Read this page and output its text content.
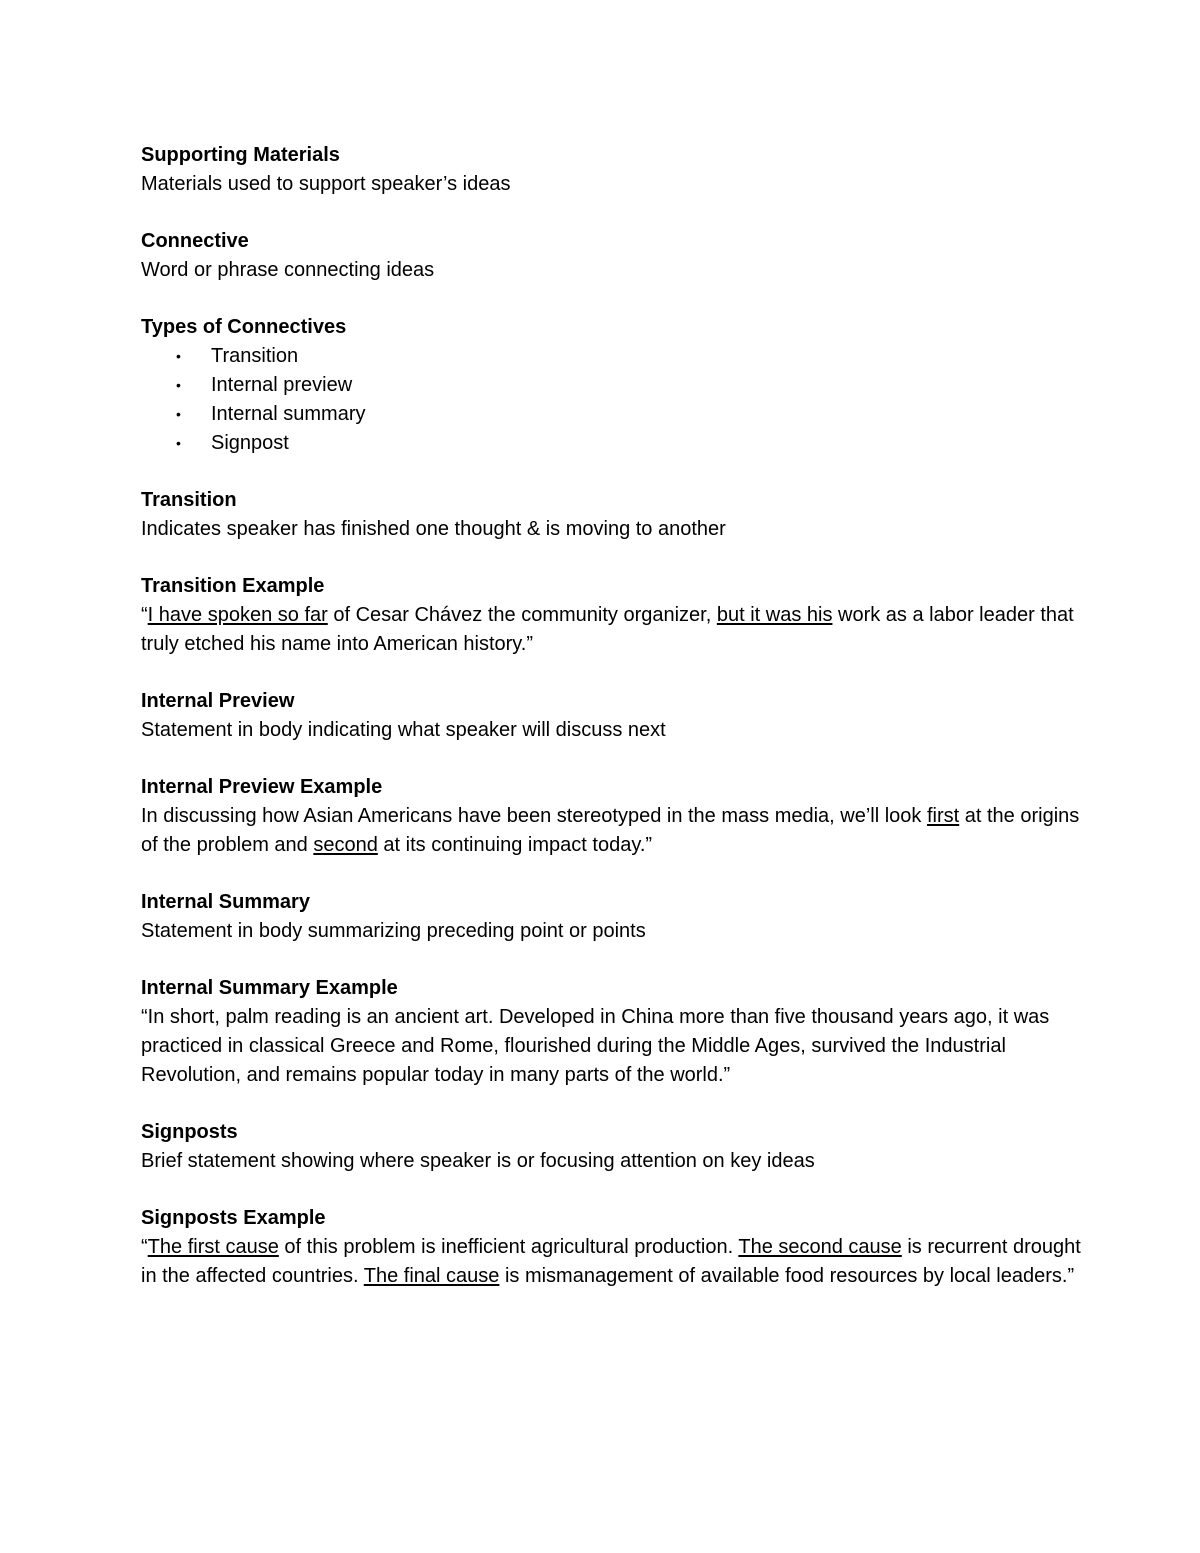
Supporting Materials

Materials used to support speaker’s ideas

Connective

Word or phrase connecting ideas

Types of Connectives

• Transition
• Internal preview
• Internal summary
• Signpost

Transition

Indicates speaker has finished one thought & is moving to another

Transition Example

“I have spoken so far of Cesar Chávez the community organizer, but it was his work as a labor leader that truly etched his name into American history.”

Internal Preview

Statement in body indicating what speaker will discuss next

Internal Preview Example

In discussing how Asian Americans have been stereotyped in the mass media, we’ll look first at the origins of the problem and second at its continuing impact today.”

Internal Summary

Statement in body summarizing preceding point or points

Internal Summary Example

“In short, palm reading is an ancient art. Developed in China more than five thousand years ago, it was practiced in classical Greece and Rome, flourished during the Middle Ages, survived the Industrial Revolution, and remains popular today in many parts of the world.”

Signposts

Brief statement showing where speaker is or focusing attention on key ideas

Signposts Example

“The first cause of this problem is inefficient agricultural production. The second cause is recurrent drought in the affected countries. The final cause is mismanagement of available food resources by local leaders.”
